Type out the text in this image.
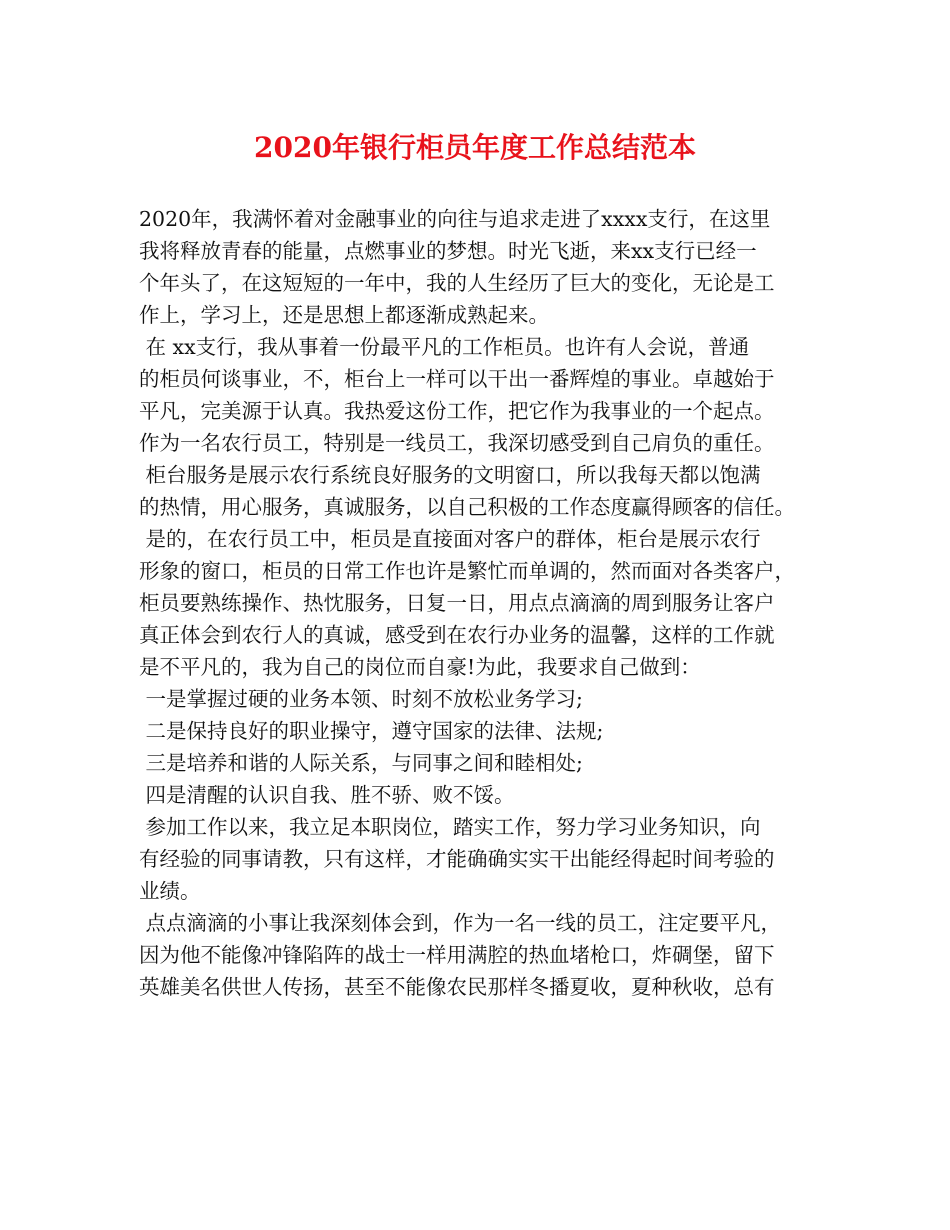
2020年银行柜员年度工作总结范本
2020年，我满怀着对金融事业的向往与追求走进了xxxx支行，在这里
我将释放青春的能量，点燃事业的梦想。时光飞逝，来xx支行已经一
个年头了，在这短短的一年中，我的人生经历了巨大的变化，无论是工
作上，学习上，还是思想上都逐渐成熟起来。
在 xx支行，我从事着一份最平凡的工作柜员。也许有人会说，普通
的柜员何谈事业，不，柜台上一样可以干出一番辉煌的事业。卓越始于
平凡，完美源于认真。我热爱这份工作，把它作为我事业的一个起点。
作为一名农行员工，特别是一线员工，我深切感受到自己肩负的重任。
柜台服务是展示农行系统良好服务的文明窗口，所以我每天都以饱满
的热情，用心服务，真诚服务，以自己积极的工作态度赢得顾客的信任。
是的，在农行员工中，柜员是直接面对客户的群体，柜台是展示农行
形象的窗口，柜员的日常工作也许是繁忙而单调的，然而面对各类客户，
柜员要熟练操作、热忱服务，日复一日，用点点滴滴的周到服务让客户
真正体会到农行人的真诚，感受到在农行办业务的温馨，这样的工作就
是不平凡的，我为自己的岗位而自豪!为此，我要求自己做到：
一是掌握过硬的业务本领、时刻不放松业务学习;
二是保持良好的职业操守，遵守国家的法律、法规;
三是培养和谐的人际关系，与同事之间和睦相处;
四是清醒的认识自我、胜不骄、败不馁。
参加工作以来，我立足本职岗位，踏实工作，努力学习业务知识，向
有经验的同事请教，只有这样，才能确确实实干出能经得起时间考验的
业绩。
点点滴滴的小事让我深刻体会到，作为一名一线的员工，注定要平凡，
因为他不能像冲锋陷阵的战士一样用满腔的热血堵枪口，炸碉堡，留下
英雄美名供世人传扬，甚至不能像农民那样冬播夏收，夏种秋收，总有
